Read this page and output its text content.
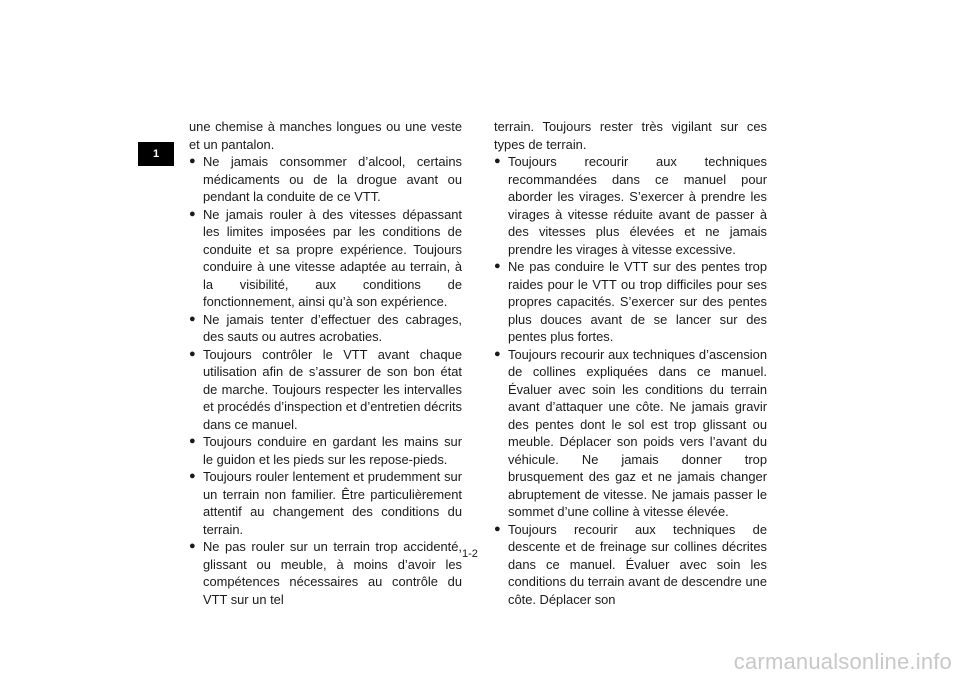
1

une chemise à manches longues ou une veste et un pantalon.

● Ne jamais consommer d’alcool, certains médicaments ou de la drogue avant ou pendant la conduite de ce VTT.

● Ne jamais rouler à des vitesses dépassant les limites imposées par les conditions de conduite et sa propre expérience. Toujours conduire à une vitesse adaptée au terrain, à la visibilité, aux conditions de fonctionnement, ainsi qu’à son expérience.

● Ne jamais tenter d’effectuer des cabrages, des sauts ou autres acrobaties.

● Toujours contrôler le VTT avant chaque utilisation afin de s’assurer de son bon état de marche. Toujours respecter les intervalles et procédés d’inspection et d’entretien décrits dans ce manuel.

● Toujours conduire en gardant les mains sur le guidon et les pieds sur les repose-pieds.

● Toujours rouler lentement et prudemment sur un terrain non familier. Être particulièrement attentif au changement des conditions du terrain.

● Ne pas rouler sur un terrain trop accidenté, glissant ou meuble, à moins d’avoir les compétences nécessaires au contrôle du VTT sur un tel

terrain. Toujours rester très vigilant sur ces types de terrain.

● Toujours recourir aux techniques recommandées dans ce manuel pour aborder les virages. S’exercer à prendre les virages à vitesse réduite avant de passer à des vitesses plus élevées et ne jamais prendre les virages à vitesse excessive.

● Ne pas conduire le VTT sur des pentes trop raides pour le VTT ou trop difficiles pour ses propres capacités. S’exercer sur des pentes plus douces avant de se lancer sur des pentes plus fortes.

● Toujours recourir aux techniques d’ascension de collines expliquées dans ce manuel. Évaluer avec soin les conditions du terrain avant d’attaquer une côte. Ne jamais gravir des pentes dont le sol est trop glissant ou meuble. Déplacer son poids vers l’avant du véhicule. Ne jamais donner trop brusquement des gaz et ne jamais changer abruptement de vitesse. Ne jamais passer le sommet d’une colline à vitesse élevée.

● Toujours recourir aux techniques de descente et de freinage sur collines décrites dans ce manuel. Évaluer avec soin les conditions du terrain avant de descendre une côte. Déplacer son

1-2
carmanualsonline.info
